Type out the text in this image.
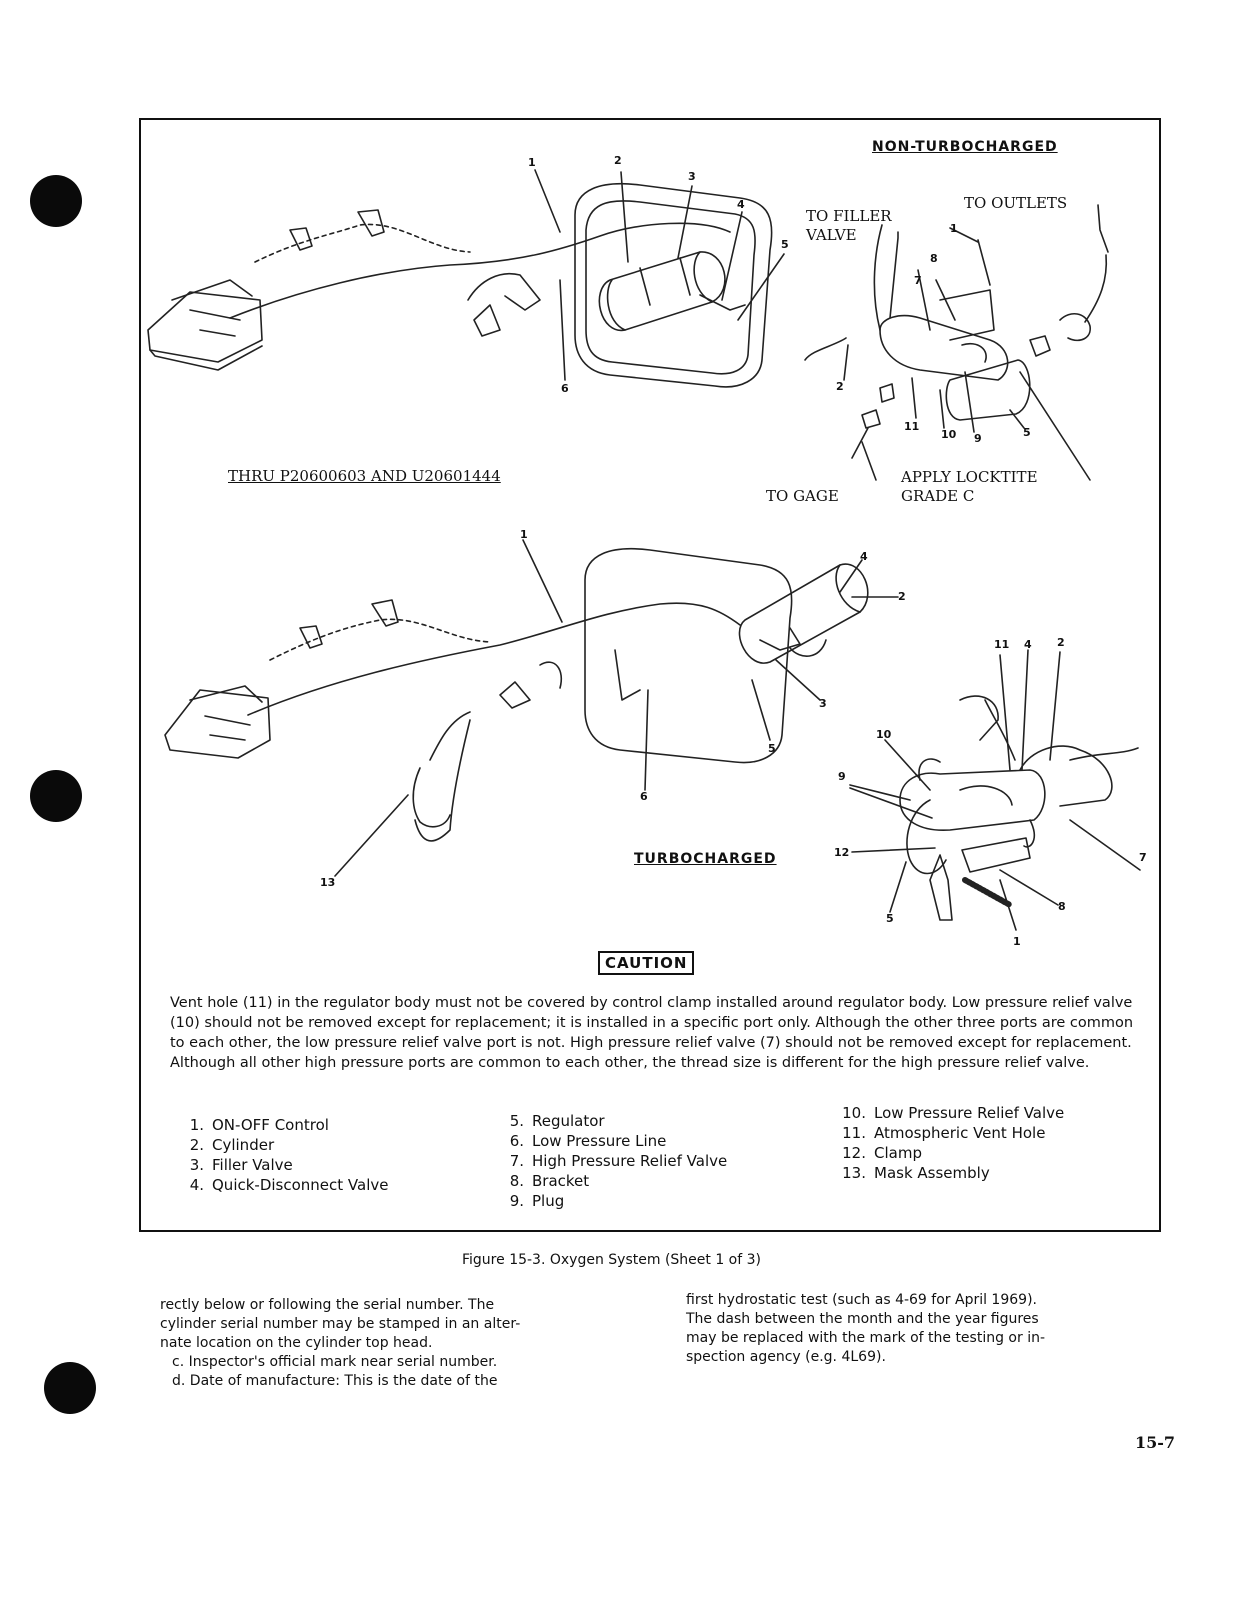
NON-TURBOCHARGED
THRU P20600603 AND U20601444
TURBOCHARGED
TO FILLER
VALVE
TO OUTLETS
APPLY LOCKTITE
GRADE C
TO GAGE
1	2
3
4
5
6
1
8
7
2
11
10 9	5
1
4
2
3
5
6
13
11 4 2
10
9
12	7
8
5
1
CAUTION
Vent hole (11) in the regulator body must not be covered by control clamp installed around regulator body. Low pressure relief valve (10) should not be removed except for replacement; it is installed in a specific port only. Although the other three ports are common to each other, the low pressure relief valve port is not. High pressure relief valve (7) should not be removed except for replacement. Although all other high pressure ports are common to each other, the thread size is different for the high pressure relief valve.
1. ON-OFF Control
2. Cylinder
3. Filler Valve
4. Quick-Disconnect Valve
5. Regulator
6. Low Pressure Line
7. High Pressure Relief Valve
8. Bracket
9. Plug
10. Low Pressure Relief Valve
11. Atmospheric Vent Hole
12. Clamp
13. Mask Assembly
Figure 15-3. Oxygen System (Sheet 1 of 3)
rectly below or following the serial number. The
cylinder serial number may be stamped in an alter-
nate location on the cylinder top head.
c. Inspector's official mark near serial number.
d. Date of manufacture: This is the date of the
first hydrostatic test (such as 4-69 for April 1969).
The dash between the month and the year figures
may be replaced with the mark of the testing or in-
spection agency (e.g. 4L69).
15-7
